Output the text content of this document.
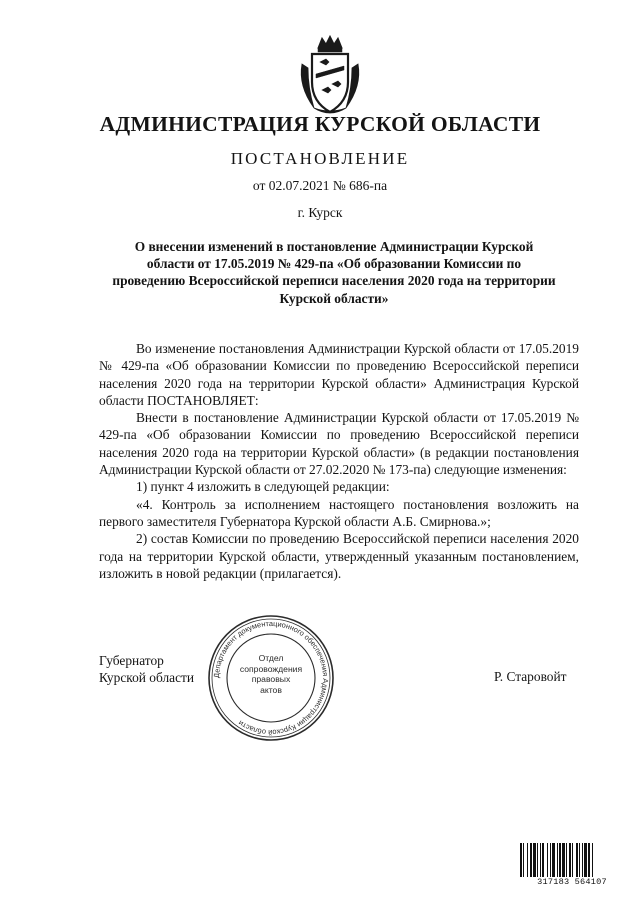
АДМИНИСТРАЦИЯ КУРСКОЙ ОБЛАСТИ
ПОСТАНОВЛЕНИЕ
от 02.07.2021 № 686-па
г. Курск
О внесении изменений в постановление Администрации Курской области от 17.05.2019 № 429-па «Об образовании Комиссии по проведению Всероссийской переписи населения 2020 года на территории Курской области»

Во изменение постановления Администрации Курской области от 17.05.2019 № 429-па «Об образовании Комиссии по проведению Всероссийской переписи населения 2020 года на территории Курской области» Администрация Курской области ПОСТАНОВЛЯЕТ:

Внести в постановление Администрации Курской области от 17.05.2019 № 429-па «Об образовании Комиссии по проведению Всероссийской переписи населения 2020 года на территории Курской области» (в редакции постановления Администрации Курской области от 27.02.2020 № 173-па) следующие изменения:

1) пункт 4 изложить в следующей редакции:

«4. Контроль за исполнением настоящего постановления возложить на первого заместителя Губернатора Курской области А.Б. Смирнова.»;

2) состав Комиссии по проведению Всероссийской переписи населения 2020 года на территории Курской области, утвержденный указанным постановлением, изложить в новой редакции (прилагается).

Губернатор
Курской области	Р. Старовойт
Департамент документационного обеспечения Администрации Курской области
Отдел
сопровождения
правовых
актов
317183 564107
